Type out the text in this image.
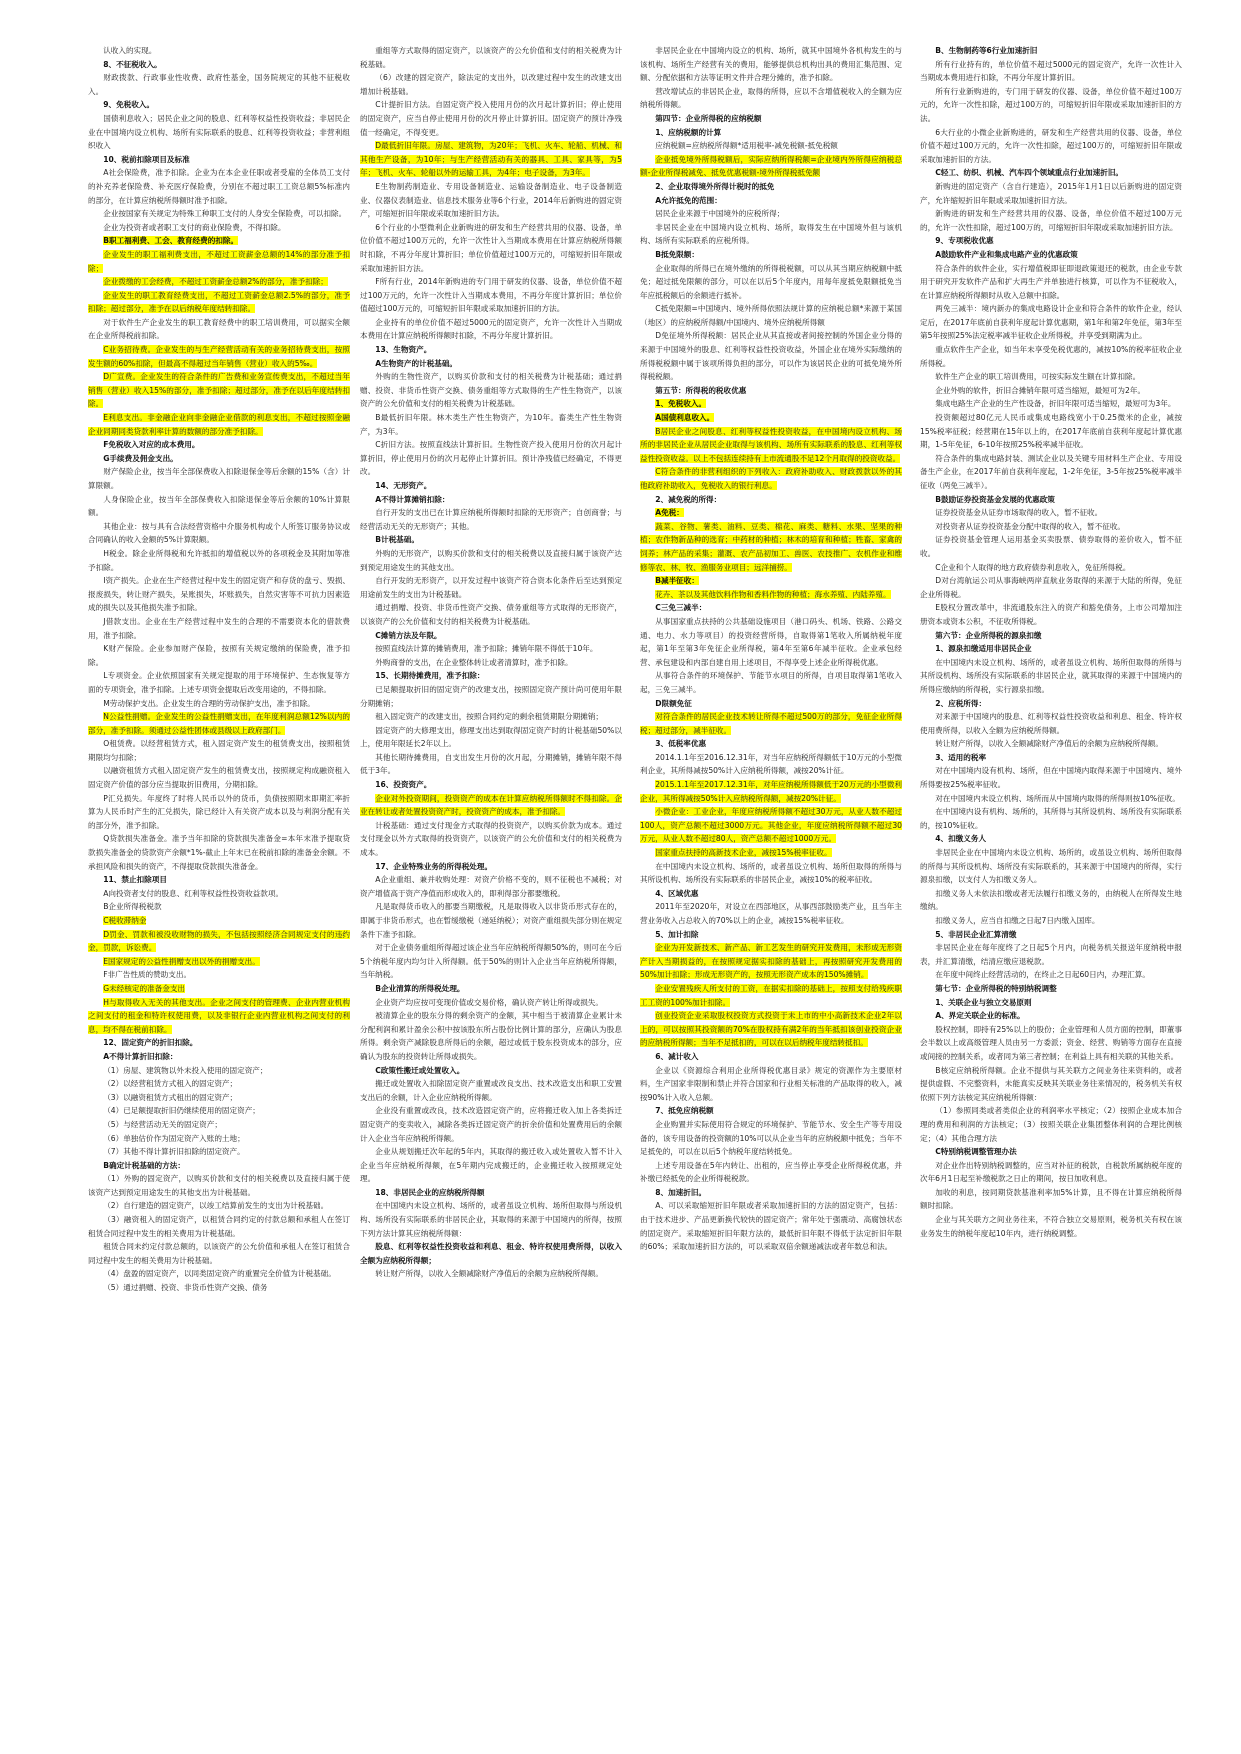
认收入的实现。

8、不征税收入。

财政拨款、行政事业性收费、政府性基金，国务院规定的其他不征税收入。

9、免税收入。

国债利息收入；居民企业之间的股息、红利等权益性投资收益；非居民企业在中国境内设立机构、场所有实际联系的股息、红利等投资收益；非营利组织收入

10、税前扣除项目及标准

A社会保险费，准予扣除。企业为在本企业任职或者受雇的全体员工支付的补充养老保险费、补充医疗保险费，分别在不超过职工工资总额5%标准内的部分，在计算应纳税所得额时准予扣除。

企业按国家有关规定为特殊工种职工支付的人身安全保险费，可以扣除。

企业为投资者或者职工支付的商业保险费，不得扣除。

B职工福利费、工会、教育经费的扣除。

企业发生的职工福利费支出，不超过工资薪金总额的14%的部分准予扣除；

企业拨缴的工会经费，不超过工资薪金总额2%的部分，准予扣除；

企业发生的职工教育经费支出，不超过工资薪金总额2.5%的部分，准予扣除；超过部分，准予在以后纳税年度结转扣除。

对于软件生产企业发生的职工教育经费中的职工培训费用，可以据实全额在企业所得税前扣除。

C业务招待费。企业发生的与生产经营活动有关的业务招待费支出，按照发生额的60%扣除，但最高不得超过当年销售（营业）收入的5‰。

D广宣费。企业发生的符合条件的广告费和业务宣传费支出，不超过当年销售（营业）收入15%的部分，准予扣除；超过部分，准予在以后年度结转扣除。

E利息支出。非金融企业向非金融企业借款的利息支出，不超过按照金融企业同期同类贷款利率计算的数额的部分准予扣除。

F免税收入对应的成本费用。

G手续费及佣金支出。

财产保险企业，按当年全部保费收入扣除退保金等后余额的15%（含）计算限额。

人身保险企业，按当年全部保费收入扣除退保金等后余额的10%计算限额。

其他企业：按与具有合法经营资格中介服务机构或个人所签订服务协议或合同确认的收入金额的5%计算限额。

H税金。除企业所得税和允许抵扣的增值税以外的各项税金及其附加等准予扣除。

I资产损失。企业在生产经营过程中发生的固定资产和存货的盘亏、毁损、报废损失，转让财产损失，呆账损失，坏账损失，自然灾害等不可抗力因素造成的损失以及其他损失准予扣除。

J借款支出。企业在生产经营过程中发生的合理的不需要资本化的借款费用，准予扣除。

K财产保险。企业参加财产保险，按照有关规定缴纳的保险费，准予扣除。

L专项资金。企业依照国家有关规定提取的用于环境保护、生态恢复等方面的专项资金，准予扣除。上述专项资金提取后改变用途的，不得扣除。

M劳动保护支出。企业发生的合理的劳动保护支出，准予扣除。

N公益性捐赠。企业发生的公益性捐赠支出，在年度利润总额12%以内的部分，准予扣除。须通过公益性团体或县级以上政府部门。

O租赁费。以经营租赁方式，租入固定资产发生的租赁费支出，按照租赁期限均匀扣除；

以融资租赁方式租入固定资产发生的租赁费支出，按照规定构成融资租入固定资产价值的部分应当提取折旧费用，分期扣除。

P汇兑损失。年度终了时将人民币以外的货币，负债按照期末即期汇率折算为人民币时产生的汇兑损失，除已经计入有关资产成本以及与利润分配有关的部分外，准予扣除。

Q贷款损失准备金。准予当年扣除的贷款损失准备金=本年末准予提取贷款损失准备金的贷款资产余额*1%-截止上年末已在税前扣除的准备金余额。不承担风险和损失的资产，不得提取贷款损失准备金。

11、禁止扣除项目

A向投资者支付的股息、红利等权益性投资收益款项。

B企业所得税税款

C税收滞纳金

D罚金、罚款和被没收财物的损失，不包括按照经济合同规定支付的违约金，罚款，诉讼费。

E国家规定的公益性捐赠支出以外的捐赠支出。

F非广告性质的赞助支出。

G未经核定的准备金支出

H与取得收入无关的其他支出。企业之间支付的管理费、企业内营业机构之间支付的租金和特许权使用费，以及非银行企业内营业机构之间支付的利息，均不得在税前扣除。

12、固定资产的折旧扣除。

A不得计算折旧扣除：

（1）房屋、建筑物以外未投入使用的固定资产；

（2）以经营租赁方式租入的固定资产；

（3）以融资租赁方式租出的固定资产；

（4）已足额提取折旧仍继续使用的固定资产；

（5）与经营活动无关的固定资产；

（6）单独估价作为固定资产入账的土地；

（7）其他不得计算折旧扣除的固定资产。

B确定计税基础的方法：

（1）外购的固定资产，以购买价款和支付的相关税费以及直接归属于使该资产达到预定用途发生的其他支出为计税基础。

（2）自行建造的固定资产，以竣工结算前发生的支出为计税基础。

（3）融资租入的固定资产，以租赁合同约定的付款总额和承租人在签订租赁合同过程中发生的相关费用为计税基础。

租赁合同未约定付款总额的，以该资产的公允价值和承租人在签订租赁合同过程中发生的相关费用为计税基础。

（4）盘盈的固定资产，以同类固定资产的重置完全价值为计税基础。

（5）通过捐赠、投资、非货币性资产交换、债务

重组等方式取得的固定资产，以该资产的公允价值和支付的相关税费为计税基础。

（6）改建的固定资产，除法定的支出外，以改建过程中发生的改建支出增加计税基础。

C计提折旧方法。自固定资产投入使用月份的次月起计算折旧；停止使用的固定资产，应当自停止使用月份的次月停止计算折旧。固定资产的预计净残值一经确定，不得变更。

D最低折旧年限。房屋、建筑物，为20年；飞机、火车、轮船、机械、和其他生产设备，为10年；与生产经营活动有关的器具、工具、家具等，为5年；飞机、火车、轮船以外的运输工具，为4年；电子设备，为3年。

E生物制药制造业、专用设备制造业、运输设备制造业、电子设备制造业、仪器仪表制造业、信息技术服务业等6个行业，2014年后新购进的固定资产，可缩短折旧年限或采取加速折旧方法。

6个行业的小型微利企业新购进的研发和生产经营共用的仪器、设备，单位价值不超过100万元的，允许一次性计入当期成本费用在计算应纳税所得额时扣除，不再分年度计算折旧；单位价值超过100万元的，可缩短折旧年限或采取加速折旧方法。

F所有行业，2014年新购进的专门用于研发的仪器、设备，单位价值不超过100万元的，允许一次性计入当期成本费用，不再分年度计算折旧；单位价值超过100万元的，可缩短折旧年限或采取加速折旧的方法。

企业持有的单位价值不超过5000元的固定资产，允许一次性计入当期成本费用在计算应纳税所得额时扣除，不再分年度计算折旧。

13、生物资产。

A生物资产的计税基础。

外购的生物性资产，以购买价款和支付的相关税费为计税基础；通过捐赠、投资、非货币性资产交换、债务重组等方式取得的生产性生物资产，以该资产的公允价值和支付的相关税费为计税基础。

B最低折旧年限。林木类生产性生物资产，为10年。畜类生产性生物资产，为3年。

C折旧方法。按照直线法计算折旧。生物性资产投入使用月份的次月起计算折旧，停止使用月份的次月起停止计算折旧。预计净残值已经确定，不得更改。

14、无形资产。

A不得计算摊销扣除：

自行开发的支出已在计算应纳税所得额时扣除的无形资产；自创商誉；与经营活动无关的无形资产；其他。

B计税基础。

外购的无形资产，以购买价款和支付的相关税费以及直接归属于该资产达到预定用途发生的其他支出。

自行开发的无形资产，以开发过程中该资产符合资本化条件后至达到预定用途前发生的支出为计税基础。

通过捐赠、投资、非货币性资产交换、债务重组等方式取得的无形资产，以该资产的公允价值和支付的相关税费为计税基础。

C摊销方法及年限。

按照直线法计算的摊销费用，准予扣除；摊销年限不得低于10年。

外购商誉的支出，在企业整体转让或者清算时，准予扣除。

15、长期待摊费用，准予扣除：

已足额提取折旧的固定资产的改建支出，按照固定资产预计尚可使用年限分期摊销；

租入固定资产的改建支出，按照合同约定的剩余租赁期限分期摊销；

固定资产的大修理支出，修理支出达到取得固定资产时的计税基础50%以上，使用年限延长2年以上。

其他长期待摊费用，自支出发生月份的次月起，分期摊销，摊销年限不得低于3年。

16、投资资产。

企业对外投资期间，投资资产的成本在计算应纳税所得额时不得扣除。企业在转让或者处置投资资产时，投资资产的成本，准予扣除。

计税基础：通过支付现金方式取得的投资资产，以购买价款为成本。通过支付现金以外方式取得的投资资产，以该资产的公允价值和支付的相关税费为成本。

17、企业特殊业务的所得税处理。

A企业重组、兼并收购处理：对资产价格不变的，则不征税也不减税；对资产增值高于资产净值而形成收入的，即利得部分都要缴税。

凡是取得货币收入的都要当期缴税，凡是取得收入以非货币形式存在的，即属于非货币形式，也在暂缓缴税（递延纳税）；对资产重组损失部分则在规定条件下准予扣除。

对于企业债务重组所得超过该企业当年应纳税所得额50%的，则可在今后5个纳税年度内均匀计入所得额。低于50%的则计入企业当年应纳税所得额，当年纳税。

B企业清算的所得税处理。

企业资产均应按可变现价值或交易价格，确认资产转让所得或损失。

被清算企业的股东分得的剩余资产的金额，其中相当于被清算企业累计未分配利润和累计盈余公积中按该股东所占股份比例计算的部分，应确认为股息所得。剩余资产减除股息所得后的余额，超过或低于股东投资成本的部分，应确认为股东的投资转让所得或损失。

C政策性搬迁或处置收入。

搬迁或处置收入扣除固定资产重置或改良支出、技术改造支出和职工安置支出后的余额，计入企业应纳税所得额。

企业没有重置或改良，技术改造固定资产的，应将搬迁收入加上各类拆迁固定资产的变卖收入，减除各类拆迁固定资产的折余价值和处置费用后的余额计入企业当年应纳税所得额。

企业从规划搬迁次年起的5年内，其取得的搬迁收入或处置收入暂不计入企业当年应纳税所得额，在5年期内完成搬迁的，企业搬迁收入按照规定处理。

18、非居民企业的应纳税所得额

在中国境内未设立机构、场所的，或者虽设立机构、场所但取得与所设机构、场所没有实际联系的非居民企业，其取得的来源于中国境内的所得，按照下列方法计算其应纳税所得额：

股息、红利等权益性投资收益和利息、租金、特许权使用费所得，以收入全额为应纳税所得额；

转让财产所得，以收入全额减除财产净值后的余额为应纳税所得额。

非居民企业在中国境内设立的机构、场所，就其中国境外各机构发生的与该机构、场所生产经营有关的费用，能够提供总机构出具的费用汇集范围、定额、分配依据和方法等证明文件并合理分摊的，准予扣除。

营改增试点的非居民企业，取得的所得，应以不含增值税收入的全额为应纳税所得额。

第四节：企业所得税的应纳税额

1、应纳税额的计算

应纳税额=应纳税所得额*适用税率-减免税额-抵免税额

企业抵免境外所得税额后，实际应纳所得税额=企业境内外所得应纳税总额-企业所得税减免、抵免优惠税额-境外所得税抵免额

2、企业取得境外所得计税时的抵免

A允许抵免的范围：

居民企业来源于中国境外的应税所得；

非居民企业在中国境内设立机构、场所，取得发生在中国境外但与该机构、场所有实际联系的应税所得。

B抵免限额：

企业取得的所得已在境外缴纳的所得税税额，可以从其当期应纳税额中抵免；超过抵免限额的部分，可以在以后5个年度内，用每年度抵免限额抵免当年应抵税额后的余额进行抵补。

C抵免限额=中国境内、境外所得依照法规计算的应纳税总额*来源于某国（地区）的应纳税所得额/中国境内、境外应纳税所得额

D免征境外所得税额：居民企业从其直接或者间接控制的外国企业分得的来源于中国境外的股息、红利等权益性投资收益，外国企业在境外实际缴纳的所得税税额中属于该项所得负担的部分，可以作为该居民企业的可抵免境外所得税税额。

第五节：所得税的税收优惠

1、免税收入。

A国债利息收入。

B居民企业之间股息、红利等权益性投资收益，在中国境内设立机构、场所的非居民企业从居民企业取得与该机构、场所有实际联系的股息、红利等权益性投资收益。以上不包括连续持有上市流通股不足12个月取得的投资收益。

C符合条件的非营利组织的下列收入：政府补助收入、财政拨款以外的其他政府补助收入，免税收入的银行利息。

2、减免税的所得：

A免税：

蔬菜、谷物、薯类、油料、豆类、棉花、麻类、糖料、水果、坚果的种植；农作物新品种的选育；中药材的种植；林木的培育和种植；牲畜、家禽的饲养；林产品的采集；灌溉、农产品初加工、兽医、农技推广、农机作业和维修等农、林、牧、渔服务业项目；远洋捕捞。

B减半征收：

花卉、茶以及其他饮料作物和香料作物的种植；海水养殖、内陆养殖。

C三免三减半：

从事国家重点扶持的公共基础设施项目（港口码头、机场、铁路、公路交通、电力、水力等项目）的投资经营所得，自取得第1笔收入所属纳税年度起，第1年至第3年免征企业所得税，第4年至第6年减半征收。企业承包经营、承包建设和内部自建自用上述项目，不得享受上述企业所得税优惠。

从事符合条件的环境保护、节能节水项目的所得，自项目取得第1笔收入起，三免三减半。

D限额免征

对符合条件的居民企业技术转让所得不超过500万的部分，免征企业所得税；超过部分，减半征收。

3、低税率优惠

2014.1.1年至2016.12.31年，对当年应纳税所得额低于10万元的小型微利企业，其所得减按50%计入应纳税所得额，减按20%计征。

2015.1.1年至2017.12.31年，对年应纳税所得额低于20万元的小型微利企业，其所得减按50%计入应纳税所得额，减按20%计征。

小微企业：工业企业，年度应纳税所得额不超过30万元，从业人数不超过100人，资产总额不超过3000万元。其他企业，年度应纳税所得额不超过30万元，从业人数不超过80人，资产总额不超过1000万元。

国家重点扶持的高新技术企业，减按15%税率征收。

在中国境内未设立机构、场所的，或者虽设立机构、场所但取得的所得与其所设机构、场所没有实际联系的非居民企业，减按10%的税率征收。

4、区域优惠

2011年至2020年，对设立在西部地区，从事西部鼓励类产业，且当年主营业务收入占总收入的70%以上的企业，减按15%税率征收。

5、加计扣除

企业为开发新技术、新产品、新工艺发生的研究开发费用，未形成无形资产计入当期损益的，在按照规定据实扣除的基础上，再按照研究开发费用的50%加计扣除；形成无形资产的，按照无形资产成本的150%摊销。

企业安置残疾人所支付的工资，在据实扣除的基础上，按照支付给残疾职工工资的100%加计扣除。

创业投资企业采取股权投资方式投资于未上市的中小高新技术企业2年以上的，可以按照其投资额的70%在股权持有满2年的当年抵扣该创业投资企业的应纳税所得额；当年不足抵扣的，可以在以后纳税年度结转抵扣。

6、减计收入

企业以《资源综合利用企业所得税优惠目录》规定的资源作为主要原材料，生产国家非限制和禁止并符合国家和行业相关标准的产品取得的收入，减按90%计入收入总额。

7、抵免应纳税额

企业购置并实际使用符合规定的环境保护、节能节水、安全生产等专用设备的，该专用设备的投资额的10%可以从企业当年的应纳税额中抵免；当年不足抵免的，可以在以后5个纳税年度结转抵免。

上述专用设备在5年内转让、出租的，应当停止享受企业所得税优惠，并补缴已经抵免的企业所得税税款。

8、加速折旧。

A、可以采取缩短折旧年限或者采取加速折旧的方法的固定资产，包括：由于技术进步、产品更新换代较快的固定资产；常年处于强震动、高腐蚀状态的固定资产。采取缩短折旧年限方法的，最低折旧年限不得低于法定折旧年限的60%；采取加速折旧方法的，可以采取双倍余额递减法或者年数总和法。

B、生物制药等6行业加速折旧

所有行业持有的，单位价值不超过5000元的固定资产，允许一次性计入当期成本费用进行扣除，不再分年度计算折旧。

所有行业新购进的，专门用于研发的仪器、设备，单位价值不超过100万元的，允许一次性扣除，超过100万的，可缩短折旧年限或采取加速折旧的方法。

6大行业的小微企业新购进的，研发和生产经营共用的仪器、设备，单位价值不超过100万元的，允许一次性扣除，超过100万的，可缩短折旧年限或采取加速折旧的方法。

C轻工、纺织、机械、汽车四个领域重点行业加速折旧。

新购进的固定资产（含自行建造），2015年1月1日以后新购进的固定资产，允许缩短折旧年限或采取加速折旧方法。

新购进的研发和生产经营共用的仪器、设备，单位价值不超过100万元的，允许一次性扣除，超过100万的，可缩短折旧年限或采取加速折旧方法。

9、专项税收优惠

A鼓励软件产业和集成电路产业的优惠政策

符合条件的软件企业，实行增值税即征即退政策退还的税款，由企业专款用于研究开发软件产品和扩大再生产并单独进行核算，可以作为不征税收入，在计算应纳税所得额时从收入总额中扣除。

两免三减半：境内新办的集成电路设计企业和符合条件的软件企业，经认定后，在2017年底前自获利年度起计算优惠期，第1年和第2年免征，第3年至第5年按照25%法定税率减半征收企业所得税，并享受到期满为止。

重点软件生产企业，如当年未享受免税优惠的，减按10%的税率征收企业所得税。

软件生产企业的职工培训费用，可按实际发生额在计算扣除。

企业外购的软件，折旧合摊销年限可适当缩短，最短可为2年。

集成电路生产企业的生产性设备，折旧年限可适当缩短，最短可为3年。

投资额超过80亿元人民币或集成电路线宽小于0.25微米的企业，减按15%税率征税；经营期在15年以上的，在2017年底前自获利年度起计算优惠期，1-5年免征，6-10年按照25%税率减半征收。

符合条件的集成电路封装、测试企业以及关键专用材料生产企业、专用设备生产企业，在2017年前自获利年度起，1-2年免征，3-5年按25%税率减半征收（两免三减半）。

B鼓励证券投资基金发展的优惠政策

证券投资基金从证券市场取得的收入，暂不征收。

对投资者从证券投资基金分配中取得的收入，暂不征收。

证券投资基金管理人运用基金买卖股票、债券取得的差价收入，暂不征收。

C企业和个人取得的地方政府债券利息收入，免征所得税。

D对台湾航运公司从事海峡两岸直航业务取得的来源于大陆的所得，免征企业所得税。

E股权分置改革中，非流通股东注入的资产和豁免债务，上市公司增加注册资本或资本公积，不征收所得税。

第六节：企业所得税的源泉扣缴

1、源泉扣缴适用非居民企业

在中国境内未设立机构、场所的，或者虽设立机构、场所但取得的所得与其所设机构、场所没有实际联系的非居民企业，就其取得的来源于中国境内的所得应缴纳的所得税，实行源泉扣缴。

2、应税所得：

对来源于中国境内的股息、红利等权益性投资收益和利息、租金、特许权使用费所得，以收入全额为应纳税所得额。

转让财产所得，以收入全额减除财产净值后的余额为应纳税所得额。

3、适用的税率

对在中国境内设有机构、场所，但在中国境内取得来源于中国境内、境外所得要按25%税率征收。

对在中国境内未设立机构、场所而从中国境内取得的所得则按10%征收。

在中国境内设有机构、场所的，其所得与其所设机构、场所没有实际联系的，按10%征收。

4、扣缴义务人

非居民企业在中国境内未设立机构、场所的，或虽设立机构、场所但取得的所得与其所设机构、场所没有实际联系的，其来源于中国境内的所得，实行源泉扣缴，以支付人为扣缴义务人。

扣缴义务人未依法扣缴或者无法履行扣缴义务的，由纳税人在所得发生地缴纳。

扣缴义务人，应当自扣缴之日起7日内缴入国库。

5、非居民企业汇算清缴

非居民企业在每年度终了之日起5个月内，向税务机关报送年度纳税申报表，并汇算清缴，结清应缴应退税款。

在年度中间终止经营活动的，在终止之日起60日内，办理汇算。

第七节：企业所得税的特别纳税调整

1、关联企业与独立交易原则

A、界定关联企业的标准。

股权控制，即持有25%以上的股份；企业管理和人员方面的控制，即董事会半数以上或高级管理人员由另一方委派；资金、经营、购销等方面存在直接或间接的控制关系，或者同为第三者控制；在利益上具有相关联的其他关系。

B核定应纳税所得额。企业不提供与其关联方之间业务往来资料的，或者提供虚假、不完整资料，未能真实反映其关联业务往来情况的，税务机关有权依照下列方法核定其应纳税所得额：

（1）参照同类或者类似企业的利润率水平核定；（2）按照企业成本加合理的费用和利润的方法核定；（3）按照关联企业集团整体利润的合理比例核定；（4）其他合理方法

C特别纳税调整管理办法

对企业作出特别纳税调整的，应当对补征的税款，自税款所属纳税年度的次年6月1日起至补缴税款之日止的期间，按日加收利息。

加收的利息，按同期贷款基准利率加5%计算，且不得在计算应纳税所得额时扣除。

企业与其关联方之间业务往来，不符合独立交易原则，税务机关有权在该业务发生的纳税年度起10年内，进行纳税调整。
